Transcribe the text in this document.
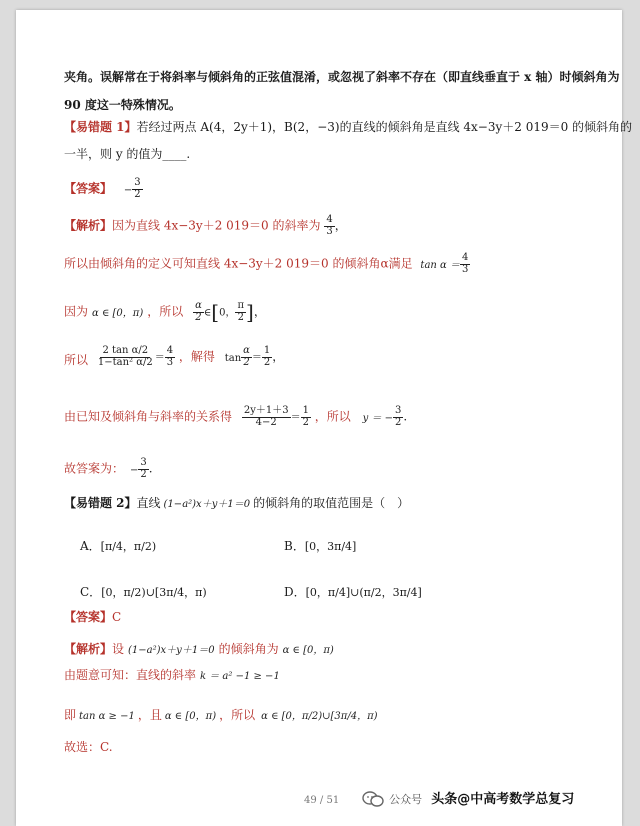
夹角。误解常在于将斜率与倾斜角的正弦值混淆，或忽视了斜率不存在（即直线垂直于 x 轴）时倾斜角为
90 度这一特殊情况。
【易错题 1】若经过两点 A(4，2y＋1)，B(2，−3)的直线的倾斜角是直线 4x−3y＋2 019＝0 的倾斜角的
一半，则 y 的值为____.
【答案】 − $\frac{3}{2}$
【解析】因为直线 4x−3y＋2 019＝0 的斜率为 $\frac{4}{3}$ ，
所以由倾斜角的定义可知直线 4x−3y＋2 019＝0 的倾斜角α满足 $\tan \alpha = \frac{4}{3}$
因为 α ∈ [0，π) ，所以 $\frac{\alpha}{2}$ ∈[0， $\frac{\pi}{2}$ ]，
所以 $\frac{\text{2 tan α/2}}{\text{1−tan² α/2}} = \frac{4}{3}$ ，解得 $\tan \frac{\alpha}{2} = \frac{1}{2}$ ，
由已知及倾斜角与斜率的关系得 $\frac{2y+1+3}{4-2} = \frac{1}{2}$ ，所以 y ＝ − $\frac{3}{2}$ .
故答案为： − $\frac{3}{2}$ .
【易错题 2】直线 (1−a²)x＋y＋1＝0 的倾斜角的取值范围是（　）
A．[π/4，π/2)	B．[0，3π/4]
C．[0，π/2)∪[3π/4，π)	D．[0，π/4]∪(π/2，3π/4]
【答案】C
【解析】设 (1−a²)x＋y＋1＝0 的倾斜角为 α ∈ [0，π)
由题意可知：直线的斜率 k ＝ a² −1 ≥ −1
即 tan α ≥ −1 ，且 α ∈ [0，π) ，所以 α ∈ [0，π/2)∪[3π/4，π)
故选：C.
49 / 51	公众号 头条@中高考数学总复习
